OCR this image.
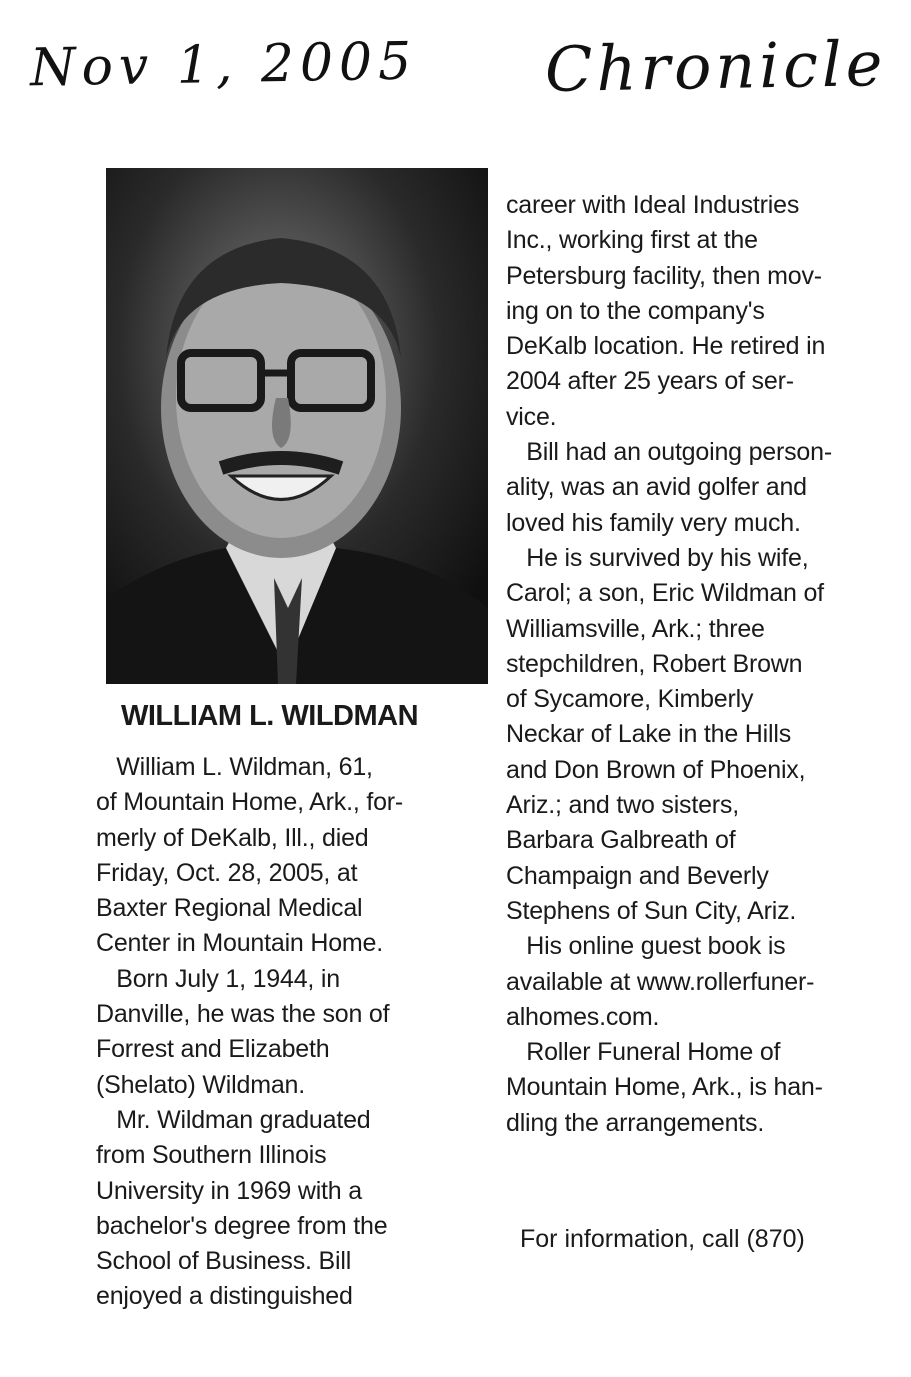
Nov 1, 2005 Chronicle
WILLIAM L. WILDMAN
William L. Wildman, 61,
of Mountain Home, Ark., for-
merly of DeKalb, Ill., died
Friday, Oct. 28, 2005, at
Baxter Regional Medical
Center in Mountain Home.
Born July 1, 1944, in
Danville, he was the son of
Forrest and Elizabeth
(Shelato) Wildman.
Mr. Wildman graduated
from Southern Illinois
University in 1969 with a
bachelor's degree from the
School of Business. Bill
enjoyed a distinguished
career with Ideal Industries
Inc., working first at the
Petersburg facility, then mov-
ing on to the company's
DeKalb location. He retired in
2004 after 25 years of ser-
vice.
Bill had an outgoing person-
ality, was an avid golfer and
loved his family very much.
He is survived by his wife,
Carol; a son, Eric Wildman of
Williamsville, Ark.; three
stepchildren, Robert Brown
of Sycamore, Kimberly
Neckar of Lake in the Hills
and Don Brown of Phoenix,
Ariz.; and two sisters,
Barbara Galbreath of
Champaign and Beverly
Stephens of Sun City, Ariz.
His online guest book is
available at www.rollerfuner-
alhomes.com.
Roller Funeral Home of
Mountain Home, Ark., is han-
dling the arrangements.
For information, call (870)
